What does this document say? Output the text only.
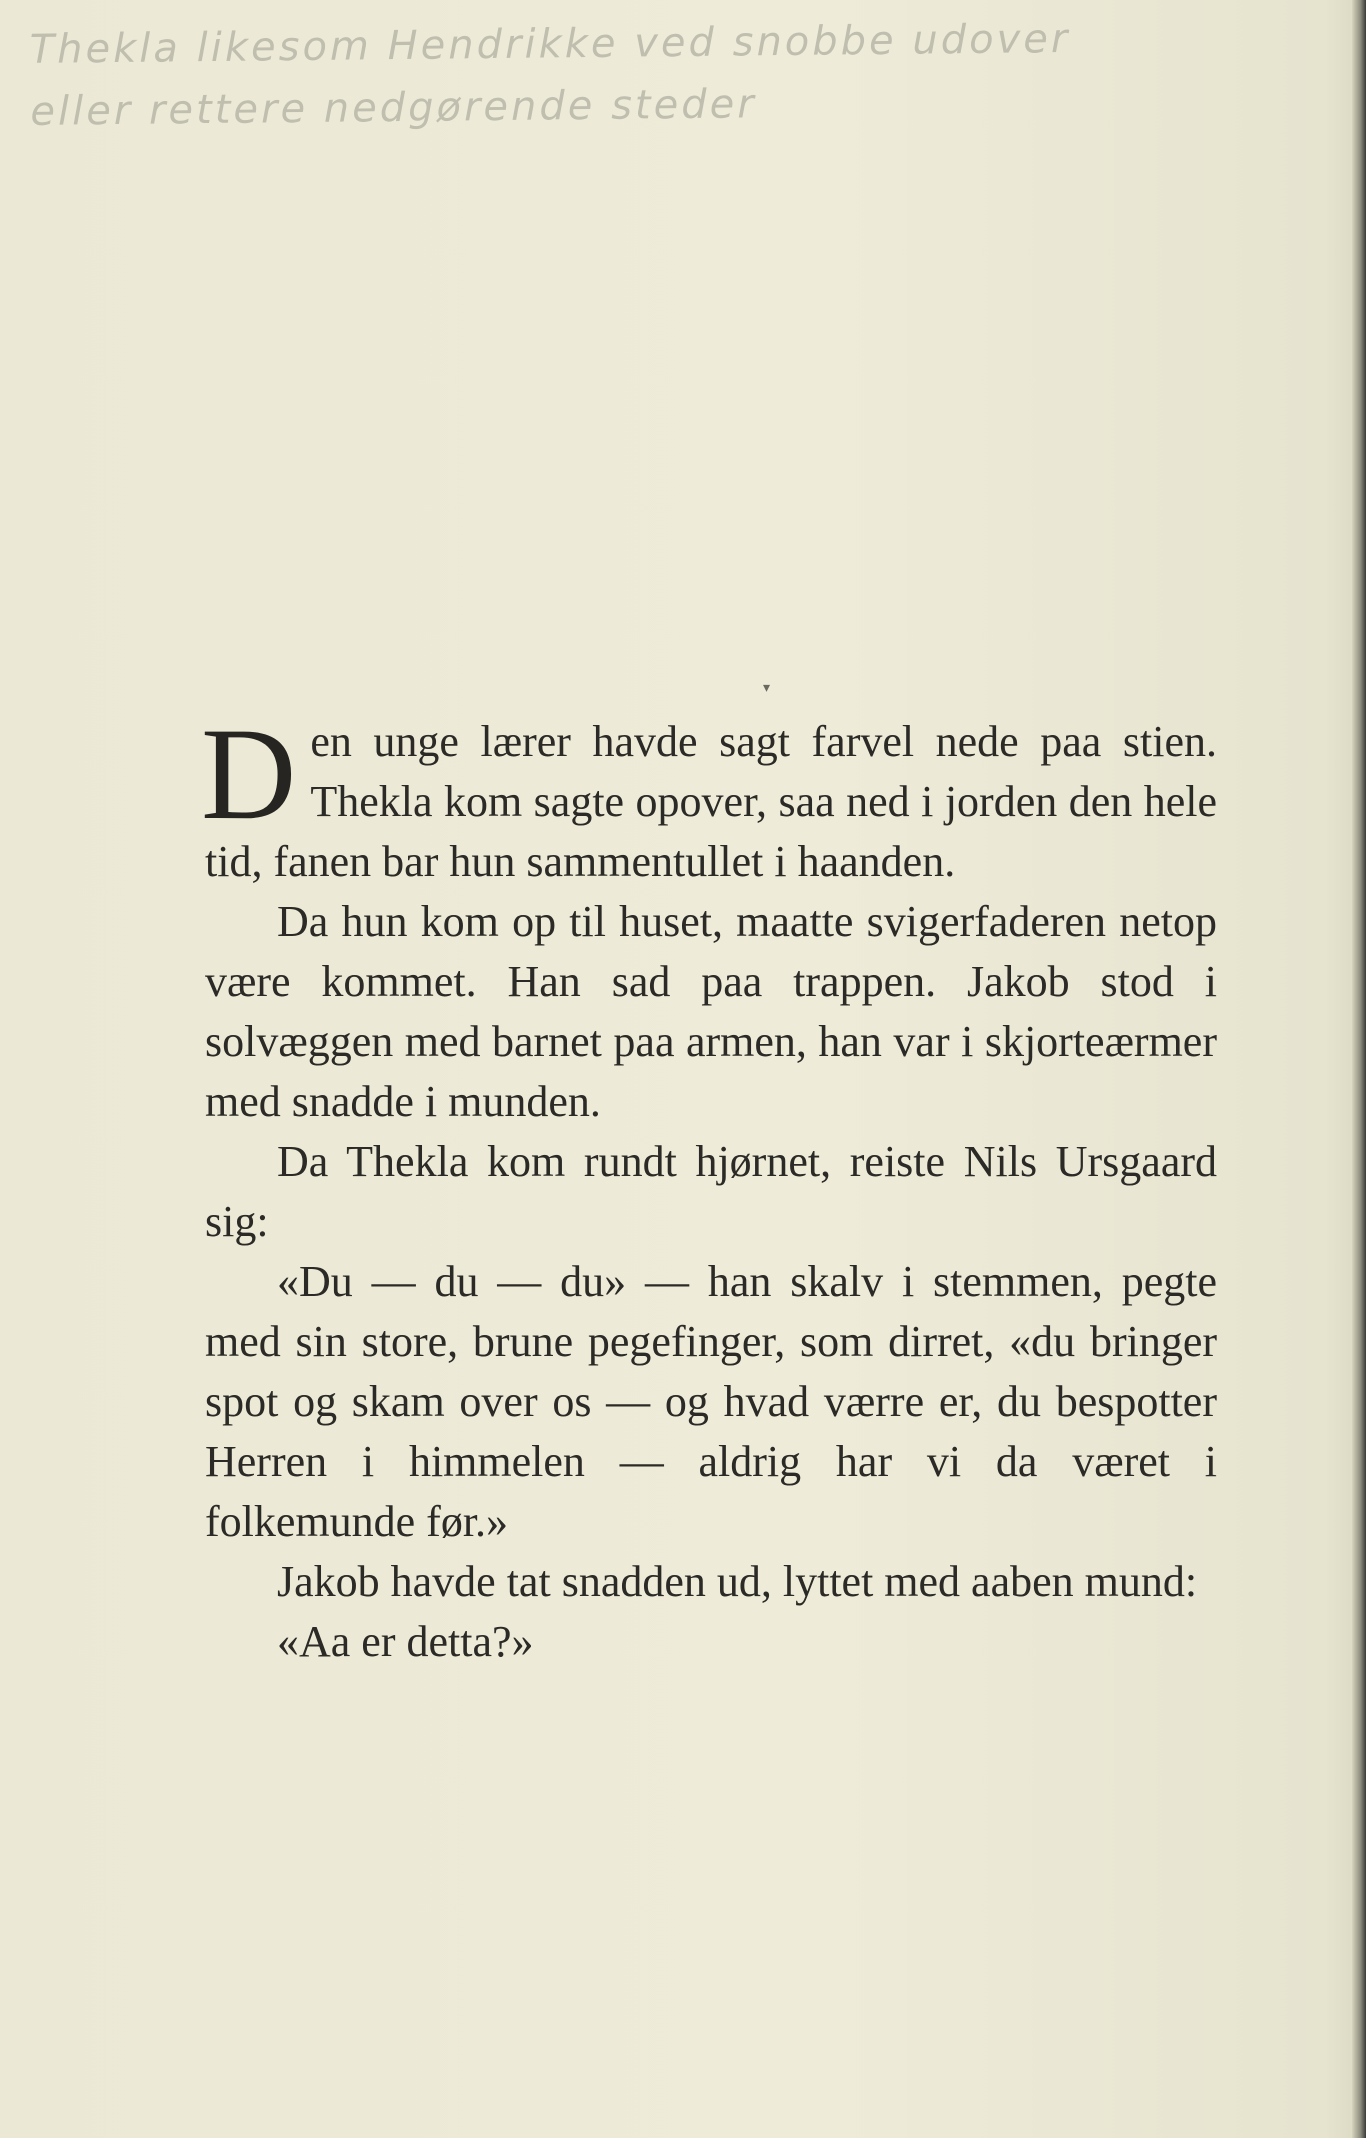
Thekla likesom Hendrikke ved snobbe udover
eller rettere nedgørende steder
▾

Den unge lærer havde sagt farvel nede paa stien. Thekla kom sagte opover, saa ned i jorden den hele tid, fanen bar hun sammentullet i haanden.

Da hun kom op til huset, maatte svigerfaderen netop være kommet. Han sad paa trappen. Jakob stod i solvæggen med barnet paa armen, han var i skjorteærmer med snadde i munden.

Da Thekla kom rundt hjørnet, reiste Nils Ursgaard sig:

«Du — du — du» — han skalv i stemmen, pegte med sin store, brune pegefinger, som dirret, «du bringer spot og skam over os — og hvad værre er, du bespotter Herren i himmelen — aldrig har vi da været i folkemunde før.»

Jakob havde tat snadden ud, lyttet med aaben mund:

«Aa er detta?»
